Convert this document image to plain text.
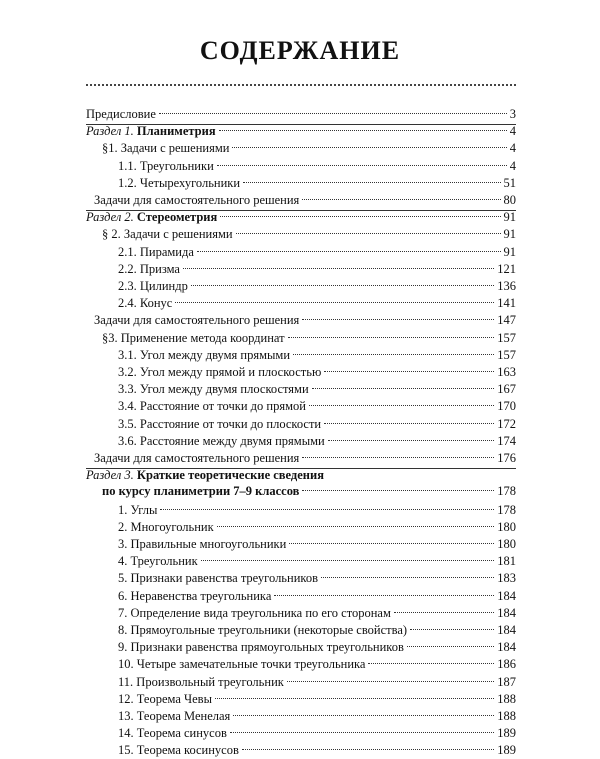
СОДЕРЖАНИЕ
Предисловие	3
Раздел 1. Планиметрия	4
§1. Задачи с решениями	4
1.1. Треугольники	4
1.2. Четырехугольники	51
Задачи для самостоятельного решения	80
Раздел 2. Стереометрия	91
§ 2. Задачи с решениями	91
2.1. Пирамида	91
2.2. Призма	121
2.3. Цилиндр	136
2.4. Конус	141
Задачи для самостоятельного решения	147
§3. Применение метода координат	157
3.1. Угол между двумя прямыми	157
3.2. Угол между прямой и плоскостью	163
3.3. Угол между двумя плоскостями	167
3.4. Расстояние от точки до прямой	170
3.5. Расстояние от точки до плоскости	172
3.6. Расстояние между двумя прямыми	174
Задачи для самостоятельного решения	176
Раздел 3. Краткие теоретические сведения
по курсу планиметрии 7–9 классов	178
1. Углы	178
2. Многоугольник	180
3. Правильные многоугольники	180
4. Треугольник	181
5. Признаки равенства треугольников	183
6. Неравенства треугольника	184
7. Определение вида треугольника по его сторонам	184
8. Прямоугольные треугольники (некоторые свойства)	184
9. Признаки равенства прямоугольных треугольников	184
10. Четыре замечательные точки треугольника	186
11. Произвольный треугольник	187
12. Теорема Чевы	188
13. Теорема Менелая	188
14. Теорема синусов	189
15. Теорема косинусов	189
